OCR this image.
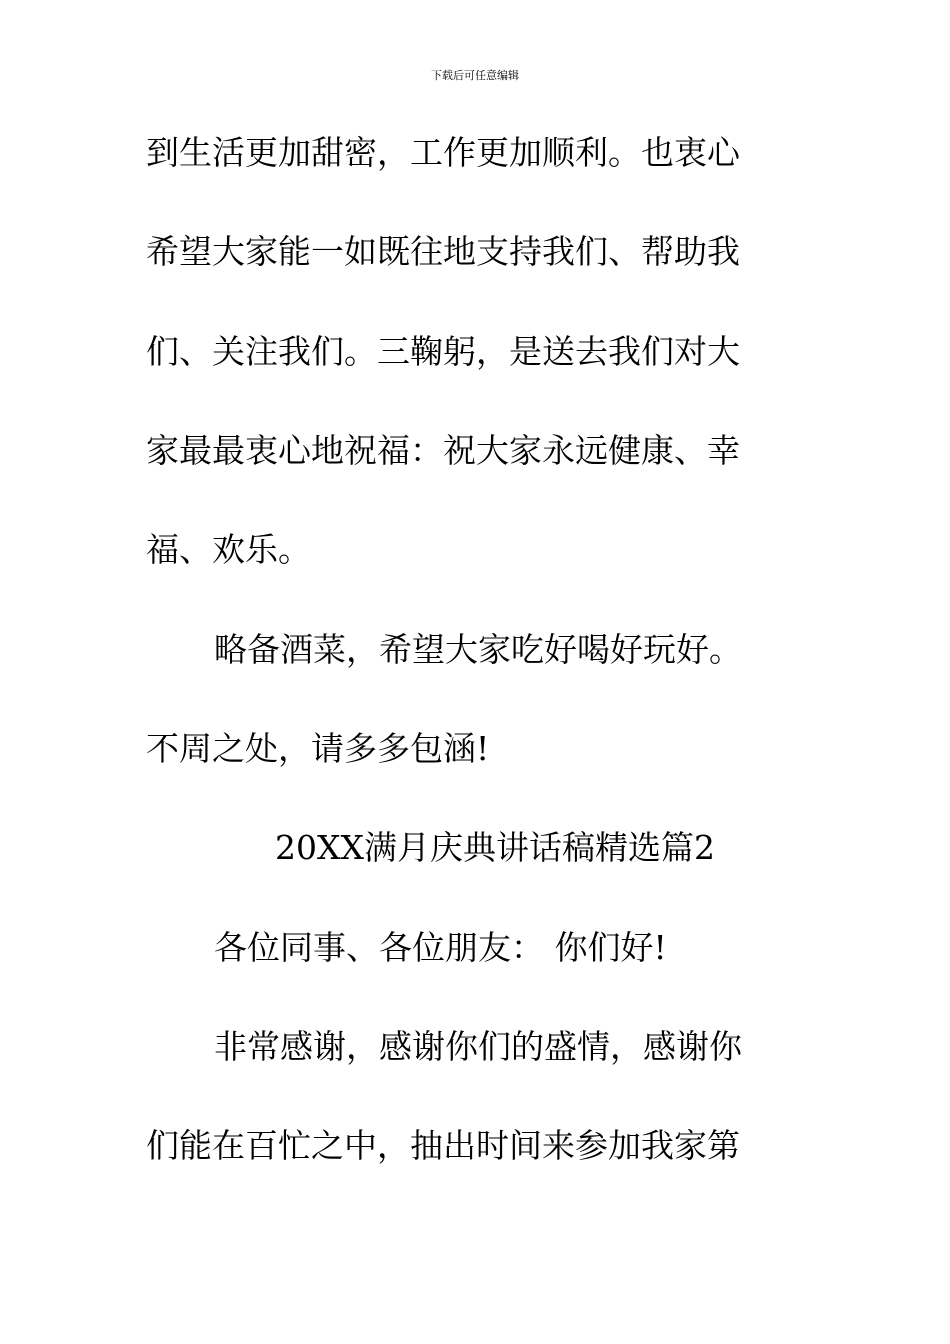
下载后可任意编辑
到生活更加甜密，工作更加顺利。也衷心
希望大家能一如既往地支持我们、帮助我
们、关注我们。三鞠躬，是送去我们对大
家最最衷心地祝福：祝大家永远健康、幸
福、欢乐。
略备酒菜，希望大家吃好喝好玩好。
不周之处，请多多包涵!
20XX满月庆典讲话稿精选篇2
各位同事、各位朋友： 你们好!
非常感谢，感谢你们的盛情，感谢你
们能在百忙之中，抽出时间来参加我家第
